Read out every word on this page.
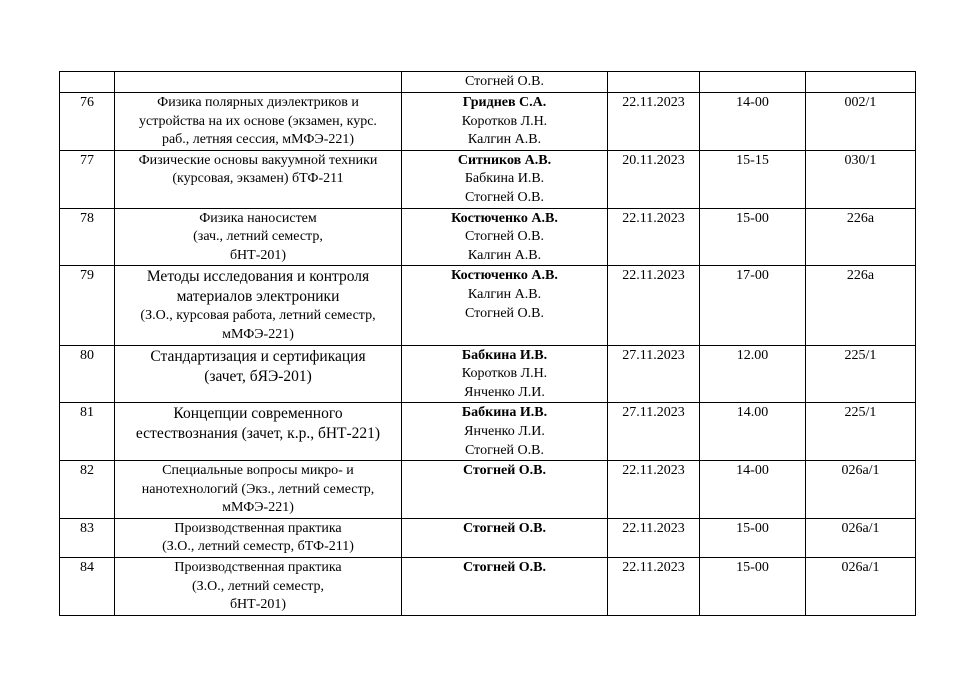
		Стогней О.В.			

76	Физика полярных диэлектриков и
устройства на их основе (экзамен, курс.
раб., летняя сессия, мМФЭ-221)	Гриднев С.А.
Коротков Л.Н.
Калгин А.В.	22.11.2023	14-00	002/1
77	Физические основы вакуумной техники
(курсовая, экзамен) бТФ-211	Ситников А.В.
Бабкина И.В.
Стогней О.В.	20.11.2023	15-15	030/1
78	Физика наносистем
(зач., летний семестр,
бНТ-201)	Костюченко А.В.
Стогней О.В.
Калгин А.В.	22.11.2023	15-00	226а
79	Методы исследования и контроля
материалов электроники
(З.О., курсовая работа, летний семестр,
мМФЭ-221)	Костюченко А.В.
Калгин А.В.
Стогней О.В.	22.11.2023	17-00	226а
80	Стандартизация и сертификация
(зачет, бЯЭ-201)	Бабкина И.В.
Коротков Л.Н.
Янченко Л.И.	27.11.2023	12.00	225/1
81	Концепции современного
естествознания (зачет, к.р., бНТ-221)	Бабкина И.В.
Янченко Л.И.
Стогней О.В.	27.11.2023	14.00	225/1
82	Специальные вопросы микро- и
нанотехнологий (Экз., летний семестр,
мМФЭ-221)	Стогней О.В.	22.11.2023	14-00	026а/1
83	Производственная практика
(З.О., летний семестр, бТФ-211)	Стогней О.В.	22.11.2023	15-00	026а/1
84	Производственная практика
(З.О., летний семестр,
бНТ-201)	Стогней О.В.	22.11.2023	15-00	026а/1
